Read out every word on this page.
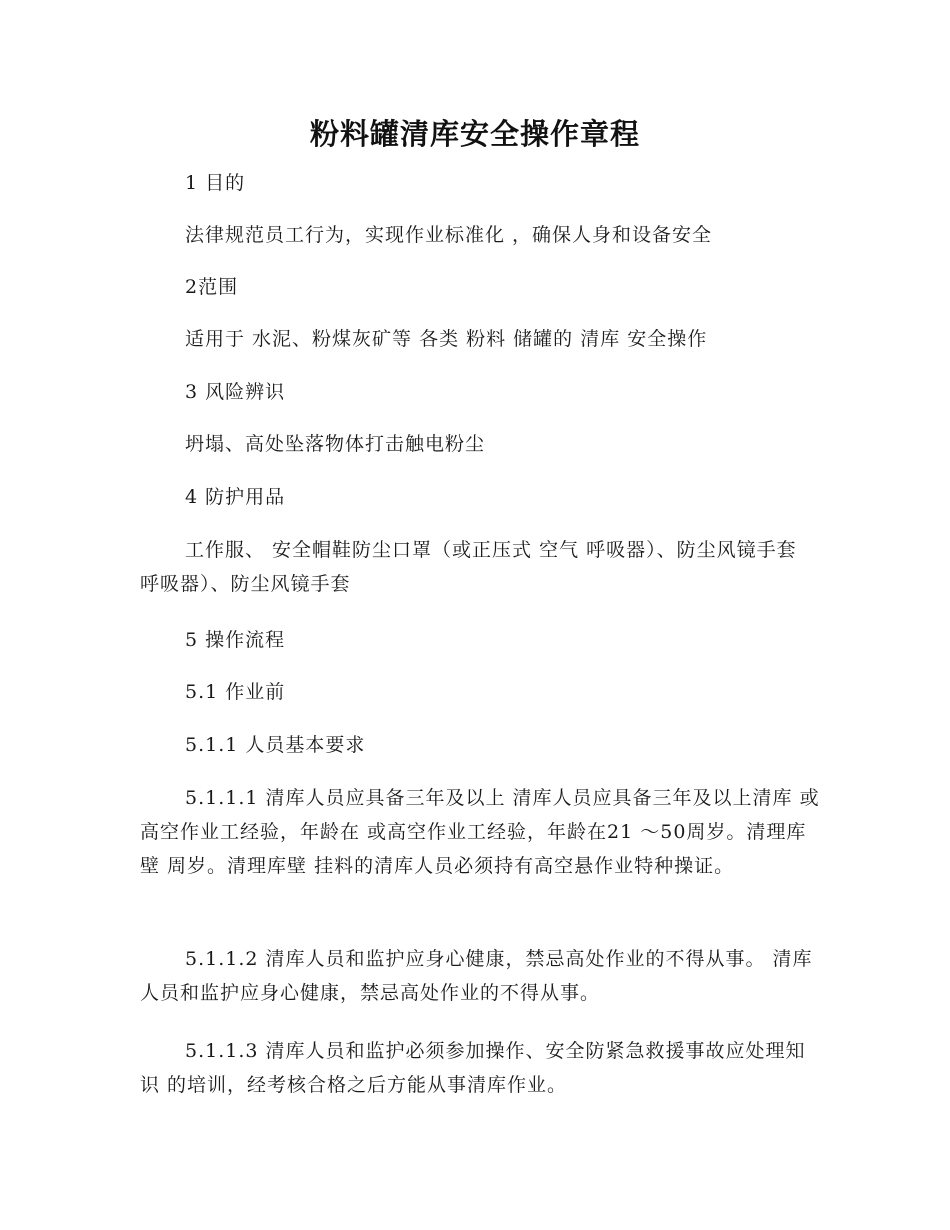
粉料罐清库安全操作章程

1 目的

法律规范员工行为，实现作业标准化 ，确保人身和设备安全

2范围

适用于 水泥、粉煤灰矿等 各类 粉料 储罐的 清库 安全操作

3 风险辨识

坍塌、高处坠落物体打击触电粉尘

4 防护用品

工作服、 安全帽鞋防尘口罩（或正压式 空气 呼吸器）、防尘风镜手套 呼吸器）、防尘风镜手套

5 操作流程

5.1 作业前

5.1.1 人员基本要求

5.1.1.1 清库人员应具备三年及以上 清库人员应具备三年及以上清库 或高空作业工经验，年龄在 或高空作业工经验，年龄在21 ～50周岁。清理库壁 周岁。清理库壁 挂料的清库人员必须持有高空悬作业特种操证。

5.1.1.2 清库人员和监护应身心健康，禁忌高处作业的不得从事。 清库人员和监护应身心健康，禁忌高处作业的不得从事。

5.1.1.3 清库人员和监护必须参加操作、安全防紧急救援事故应处理知识 的培训，经考核合格之后方能从事清库作业。
